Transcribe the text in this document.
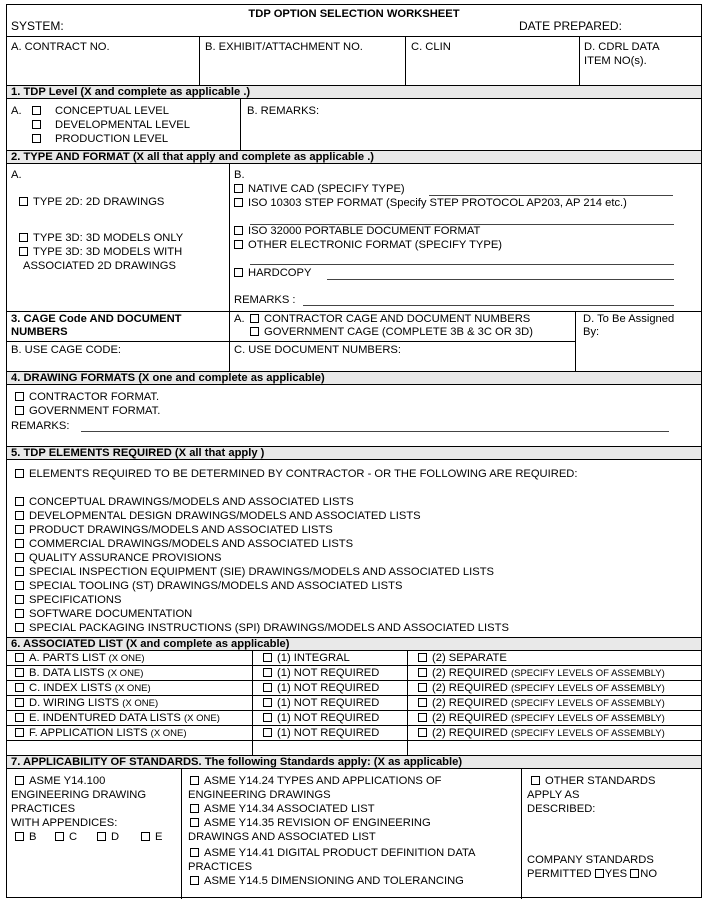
TDP OPTION SELECTION WORKSHEET
SYSTEM:	DATE PREPARED:
A. CONTRACT NO.	B. EXHIBIT/ATTACHMENT NO.	C. CLIN	D. CDRL DATA
ITEM NO(s).
1. TDP Level (X and complete as applicable .)
A.	CONCEPTUAL LEVEL
DEVELOPMENTAL LEVEL
PRODUCTION LEVEL
B. REMARKS:
2. TYPE AND FORMAT (X all that apply and complete as applicable .)
A.
TYPE 2D: 2D DRAWINGS
TYPE 3D: 3D MODELS ONLY
TYPE 3D: 3D MODELS WITH
ASSOCIATED 2D DRAWINGS
B.
NATIVE CAD (SPECIFY TYPE)
ISO 10303 STEP FORMAT (Specify STEP PROTOCOL AP203, AP 214 etc.)
ISO 32000 PORTABLE DOCUMENT FORMAT
OTHER ELECTRONIC FORMAT (SPECIFY TYPE)
HARDCOPY
REMARKS :
3. CAGE Code AND DOCUMENT
NUMBERS
A.	CONTRACTOR CAGE AND DOCUMENT NUMBERS
GOVERNMENT CAGE (COMPLETE 3B & 3C OR 3D)
D. To Be Assigned
By:
B. USE CAGE CODE:	C. USE DOCUMENT NUMBERS:
4. DRAWING FORMATS (X one and complete as applicable)
CONTRACTOR FORMAT.
GOVERNMENT FORMAT.
REMARKS:
5. TDP ELEMENTS REQUIRED (X all that apply )
ELEMENTS REQUIRED TO BE DETERMINED BY CONTRACTOR - OR THE FOLLOWING ARE REQUIRED:
CONCEPTUAL DRAWINGS/MODELS AND ASSOCIATED LISTS
DEVELOPMENTAL DESIGN DRAWINGS/MODELS AND ASSOCIATED LISTS
PRODUCT DRAWINGS/MODELS AND ASSOCIATED LISTS
COMMERCIAL DRAWINGS/MODELS AND ASSOCIATED LISTS
QUALITY ASSURANCE PROVISIONS
SPECIAL INSPECTION EQUIPMENT (SIE) DRAWINGS/MODELS AND ASSOCIATED LISTS
SPECIAL TOOLING (ST) DRAWINGS/MODELS AND ASSOCIATED LISTS
SPECIFICATIONS
SOFTWARE DOCUMENTATION
SPECIAL PACKAGING INSTRUCTIONS (SPI) DRAWINGS/MODELS AND ASSOCIATED LISTS
6. ASSOCIATED LIST (X and complete as applicable)
A. PARTS LIST (X ONE)	(1) INTEGRAL	(2) SEPARATE
B. DATA LISTS (X ONE)	(1) NOT REQUIRED	(2) REQUIRED (SPECIFY LEVELS OF ASSEMBLY)
C. INDEX LISTS (X ONE)	(1) NOT REQUIRED	(2) REQUIRED (SPECIFY LEVELS OF ASSEMBLY)
D. WIRING LISTS (X ONE)	(1) NOT REQUIRED	(2) REQUIRED (SPECIFY LEVELS OF ASSEMBLY)
E. INDENTURED DATA LISTS (X ONE)	(1) NOT REQUIRED	(2) REQUIRED (SPECIFY LEVELS OF ASSEMBLY)
F. APPLICATION LISTS (X ONE)	(1) NOT REQUIRED	(2) REQUIRED (SPECIFY LEVELS OF ASSEMBLY)
7. APPLICABILITY OF STANDARDS. The following Standards apply: (X as applicable)
ASME Y14.100
ENGINEERING DRAWING
PRACTICES
WITH APPENDICES:
B	C	D	E
ASME Y14.24 TYPES AND APPLICATIONS OF
ENGINEERING DRAWINGS
ASME Y14.34 ASSOCIATED LIST
ASME Y14.35 REVISION OF ENGINEERING
DRAWINGS AND ASSOCIATED LIST
ASME Y14.41 DIGITAL PRODUCT DEFINITION DATA
PRACTICES
ASME Y14.5 DIMENSIONING AND TOLERANCING
OTHER STANDARDS
APPLY AS
DESCRIBED:
COMPANY STANDARDS
PERMITTED YES NO
